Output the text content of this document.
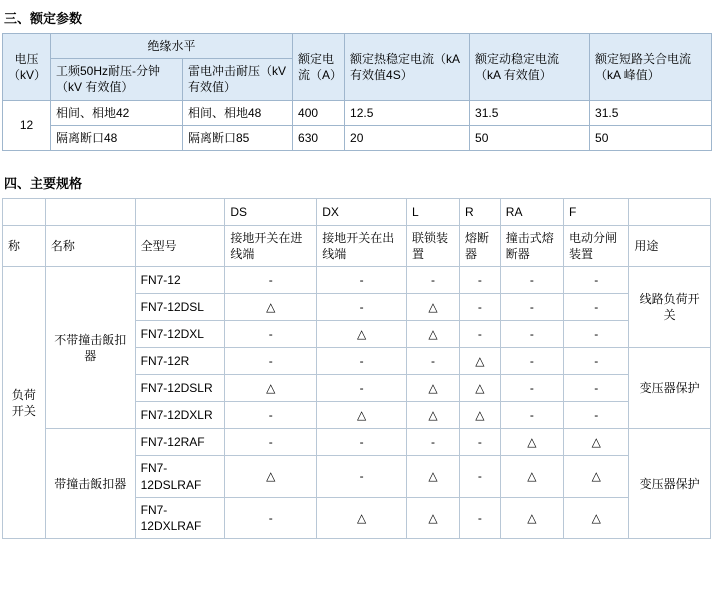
三、额定参数
电压（kV）	绝缘水平		额定电流（A）	额定热稳定电流（kA 有效值4S）	额定动稳定电流（kA 有效值）	额定短路关合电流（kA 峰值）
	工频50Hz耐压-分钟（kV 有效值）	雷电冲击耐压（kV 有效值）				
12	相间、相地42	相间、相地48	400	12.5	31.5	31.5
	隔离断口48	隔离断口85	630	20	50	50
四、主要规格
			DS	DX	L	R	RA	F	
称	名称	全型号	接地开关在进线端	接地开关在出线端	联锁装置	熔断器	撞击式熔断器	电动分闸装置	用途
负荷开关	不带撞击飯扣器	FN7-12	-	-	-	-	-	-	线路负荷开关
		FN7-12DSL	△	-	△	-	-	-	
		FN7-12DXL	-	△	△	-	-	-	
		FN7-12R	-	-	-	△	-	-	变压器保护
		FN7-12DSLR	△	-	△	△	-	-	
		FN7-12DXLR	-	△	△	△	-	-	
	带撞击飯扣器	FN7-12RAF	-	-	-	-	△	△	变压器保护
		FN7-12DSLRAF	△	-	△	-	△	△	
		FN7-12DXLRAF	-	△	△	-	△	△	
